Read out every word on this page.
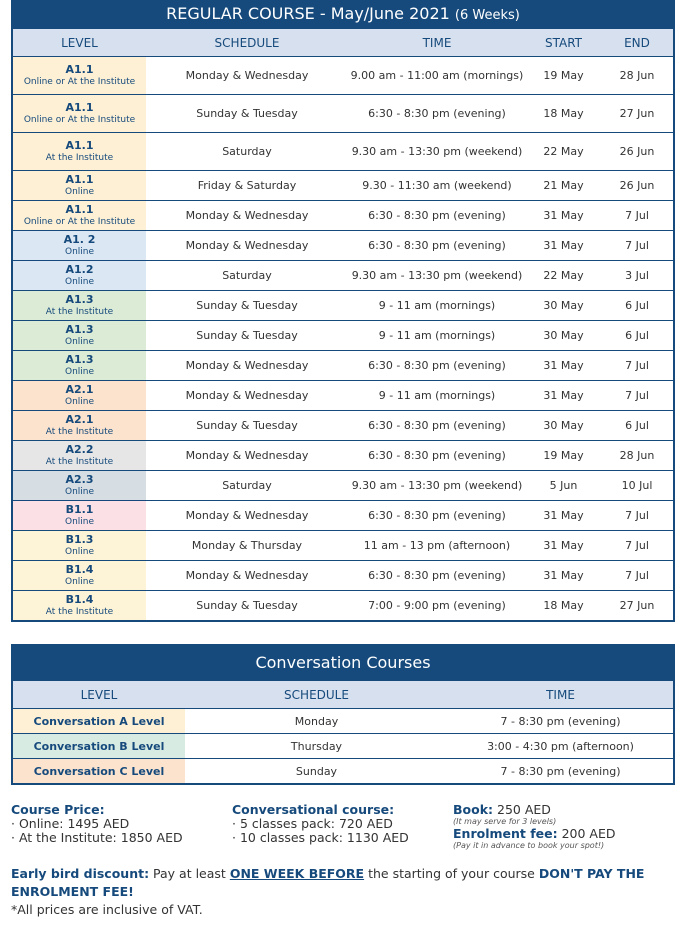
REGULAR COURSE - May/June 2021 (6 Weeks)
LEVEL	SCHEDULE	TIME	START	END
A1.1
Online or At the Institute	Monday & Wednesday	9.00 am - 11:00 am (mornings)	19 May	28 Jun
A1.1
Online or At the Institute	Sunday & Tuesday	6:30 - 8:30 pm (evening)	18 May	27 Jun
A1.1
At the Institute	Saturday	9.30 am - 13:30 pm (weekend)	22 May	26 Jun
A1.1
Online	Friday & Saturday	9.30 - 11:30 am (weekend)	21 May	26 Jun
A1.1
Online or At the Institute	Monday & Wednesday	6:30 - 8:30 pm (evening)	31 May	7 Jul
A1. 2
Online	Monday & Wednesday	6:30 - 8:30 pm (evening)	31 May	7 Jul
A1.2
Online	Saturday	9.30 am - 13:30 pm (weekend)	22 May	3 Jul
A1.3
At the Institute	Sunday & Tuesday	9 - 11 am (mornings)	30 May	6 Jul
A1.3
Online	Sunday & Tuesday	9 - 11 am (mornings)	30 May	6 Jul
A1.3
Online	Monday & Wednesday	6:30 - 8:30 pm (evening)	31 May	7 Jul
A2.1
Online	Monday & Wednesday	9 - 11 am (mornings)	31 May	7 Jul
A2.1
At the Institute	Sunday & Tuesday	6:30 - 8:30 pm (evening)	30 May	6 Jul
A2.2
At the Institute	Monday & Wednesday	6:30 - 8:30 pm (evening)	19 May	28 Jun
A2.3
Online	Saturday	9.30 am - 13:30 pm (weekend)	5 Jun	10 Jul
B1.1
Online	Monday & Wednesday	6:30 - 8:30 pm (evening)	31 May	7 Jul
B1.3
Online	Monday & Thursday	11 am - 13 pm (afternoon)	31 May	7 Jul
B1.4
Online	Monday & Wednesday	6:30 - 8:30 pm (evening)	31 May	7 Jul
B1.4
At the Institute	Sunday & Tuesday	7:00 - 9:00 pm (evening)	18 May	27 Jun
Conversation Courses
LEVEL	SCHEDULE	TIME
Conversation A Level	Monday	7 - 8:30 pm (evening)
Conversation B Level	Thursday	3:00 - 4:30 pm (afternoon)
Conversation C Level	Sunday	7 - 8:30 pm (evening)
Course Price:
· Online: 1495 AED
· At the Institute: 1850 AED
Conversational course:
· 5 classes pack: 720 AED
· 10 classes pack: 1130 AED
Book: 250 AED
(It may serve for 3 levels)
Enrolment fee: 200 AED
(Pay it in advance to book your spot!)
Early bird discount: Pay at least ONE WEEK BEFORE the starting of your course DON'T PAY THE ENROLMENT FEE!
*All prices are inclusive of VAT.
